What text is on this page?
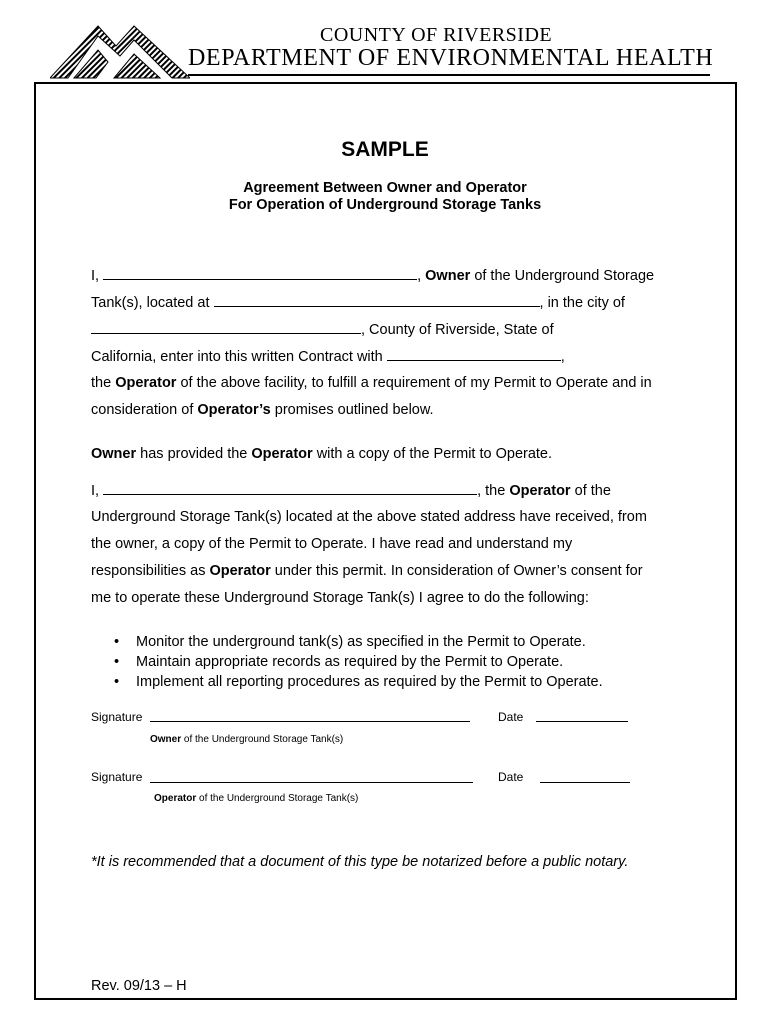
COUNTY OF RIVERSIDE
DEPARTMENT OF ENVIRONMENTAL HEALTH
SAMPLE
Agreement Between Owner and Operator
For Operation of Underground Storage Tanks
I,	, Owner of the Underground Storage
Tank(s), located at	, in the city of
, County of Riverside, State of
California, enter into this written Contract with	,
the Operator of the above facility, to fulfill a requirement of my Permit to Operate and in
consideration of Operator’s promises outlined below.
Owner has provided the Operator with a copy of the Permit to Operate.
I,	, the Operator of the
Underground Storage Tank(s) located at the above stated address have received, from
the owner, a copy of the Permit to Operate. I have read and understand my
responsibilities as Operator under this permit. In consideration of Owner’s consent for
me to operate these Underground Storage Tank(s) I agree to do the following:
• Monitor the underground tank(s) as specified in the Permit to Operate.
• Maintain appropriate records as required by the Permit to Operate.
• Implement all reporting procedures as required by the Permit to Operate.
Signature	Date
Owner of the Underground Storage Tank(s)
Signature	Date
Operator of the Underground Storage Tank(s)
*It is recommended that a document of this type be notarized before a public notary.
Rev. 09/13 – H
